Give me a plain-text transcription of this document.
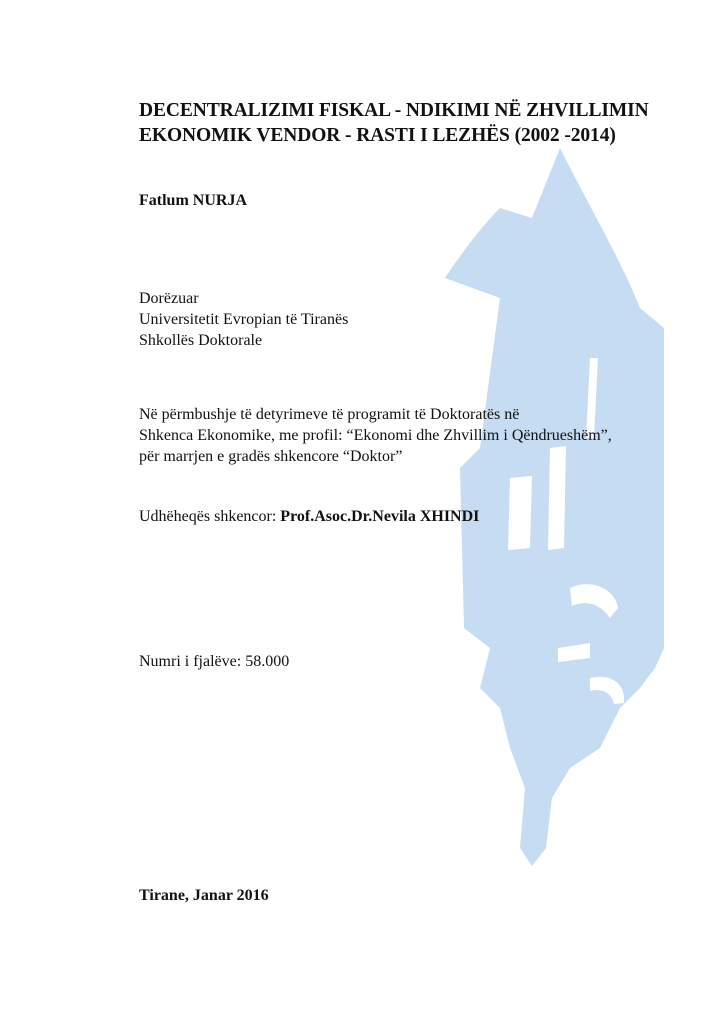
DECENTRALIZIMI FISKAL - NDIKIMI NË ZHVILLIMIN
EKONOMIK VENDOR - RASTI I LEZHËS (2002 -2014)
Fatlum NURJA
Dorëzuar
Universitetit Evropian të Tiranës
Shkollës Doktorale
Në përmbushje të detyrimeve të programit të Doktoratës në
Shkenca Ekonomike, me profil: “Ekonomi dhe Zhvillim i Qëndrueshëm”,
për marrjen e gradës shkencore “Doktor”
Udhëheqës shkencor: Prof.Asoc.Dr.Nevila XHINDI
Numri i fjalëve: 58.000
Tirane, Janar 2016
